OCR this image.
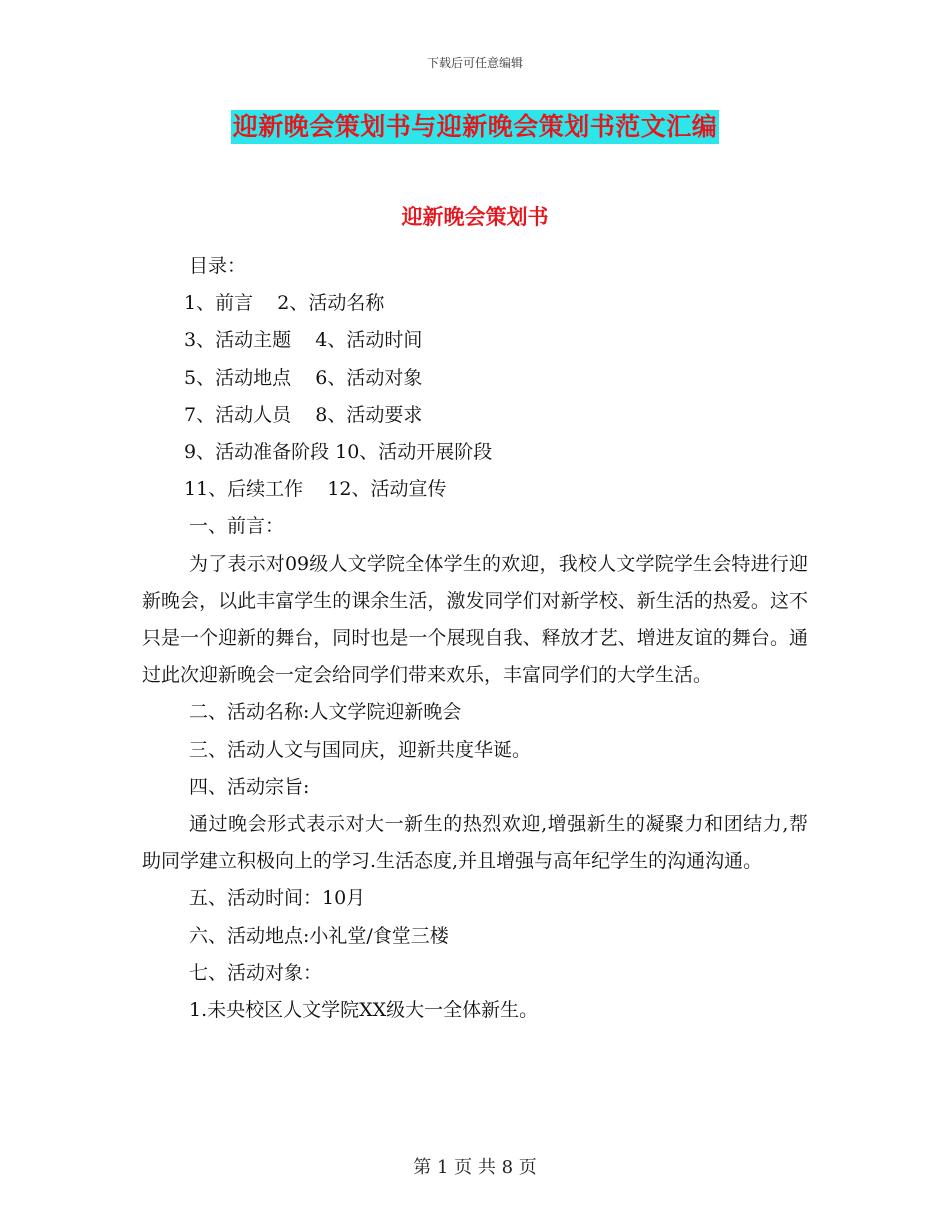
下载后可任意编辑
迎新晚会策划书与迎新晚会策划书范文汇编
迎新晚会策划书
目录：
1、前言    2、活动名称
3、活动主题    4、活动时间
5、活动地点    6、活动对象
7、活动人员    8、活动要求
9、活动准备阶段 10、活动开展阶段
11、后续工作    12、活动宣传
一、前言：

为了表示对09级人文学院全体学生的欢迎，我校人文学院学生会特进行迎新晚会，以此丰富学生的课余生活，激发同学们对新学校、新生活的热爱。这不只是一个迎新的舞台，同时也是一个展现自我、释放才艺、增进友谊的舞台。通过此次迎新晚会一定会给同学们带来欢乐，丰富同学们的大学生活。

二、活动名称:人文学院迎新晚会
三、活动人文与国同庆，迎新共度华诞。
四、活动宗旨:

通过晚会形式表示对大一新生的热烈欢迎,增强新生的凝聚力和团结力,帮助同学建立积极向上的学习.生活态度,并且增强与高年纪学生的沟通沟通。

五、活动时间：10月
六、活动地点:小礼堂/食堂三楼
七、活动对象：
1.未央校区人文学院XX级大一全体新生。
第 1 页 共 8 页
